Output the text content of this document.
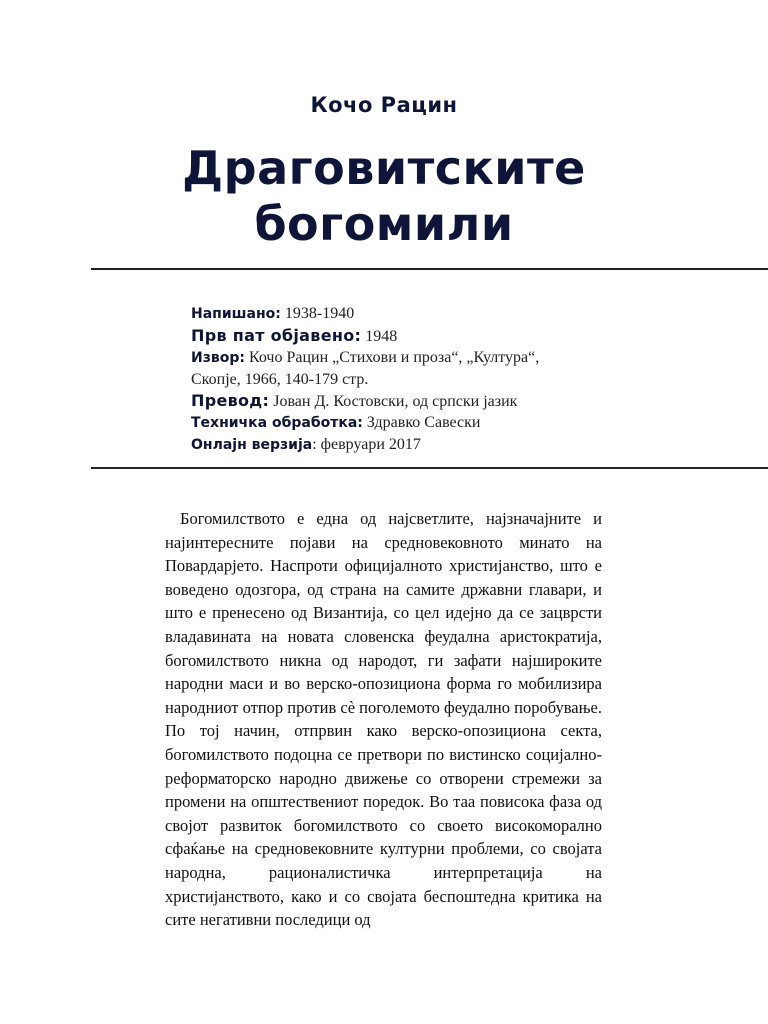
Кочо Рацин
Драговитските
богомили
Напишано: 1938-1940
Прв пат објавено: 1948
Извор: Кочо Рацин „Стихови и проза“, „Култура“,
Скопје, 1966, 140-179 стр.
Превод: Јован Д. Костовски, од српски јазик
Техничка обработка: Здравко Савески
Онлајн верзија: февруари 2017

Богомилството е една од најсветлите, најзначајните и најинтересните појави на средновековното минато на Повардарјето. Наспроти официјалното христијанство, што е воведено одозгора, од страна на самите државни главари, и што е пренесено од Византија, со цел идејно да се зацврсти владавината на новата словенска феудална аристократија, богомилството никна од народот, ги зафати најшироките народни маси и во верско-опозициона форма го мобилизира народниот отпор против сè поголемото феудално поробување. По тој начин, отпрвин како верско-опозициона секта, богомилството подоцна се претвори по вистинско социјално-реформаторско народно движење со отворени стремежи за промени на општествениот поредок. Во таа повисока фаза од својот развиток богомилството со своето високоморално сфаќање на средновековните културни проблеми, со својата народна, рационалистичка интерпретација на христијанството, како и со својата беспоштедна критика на сите негативни последици од
